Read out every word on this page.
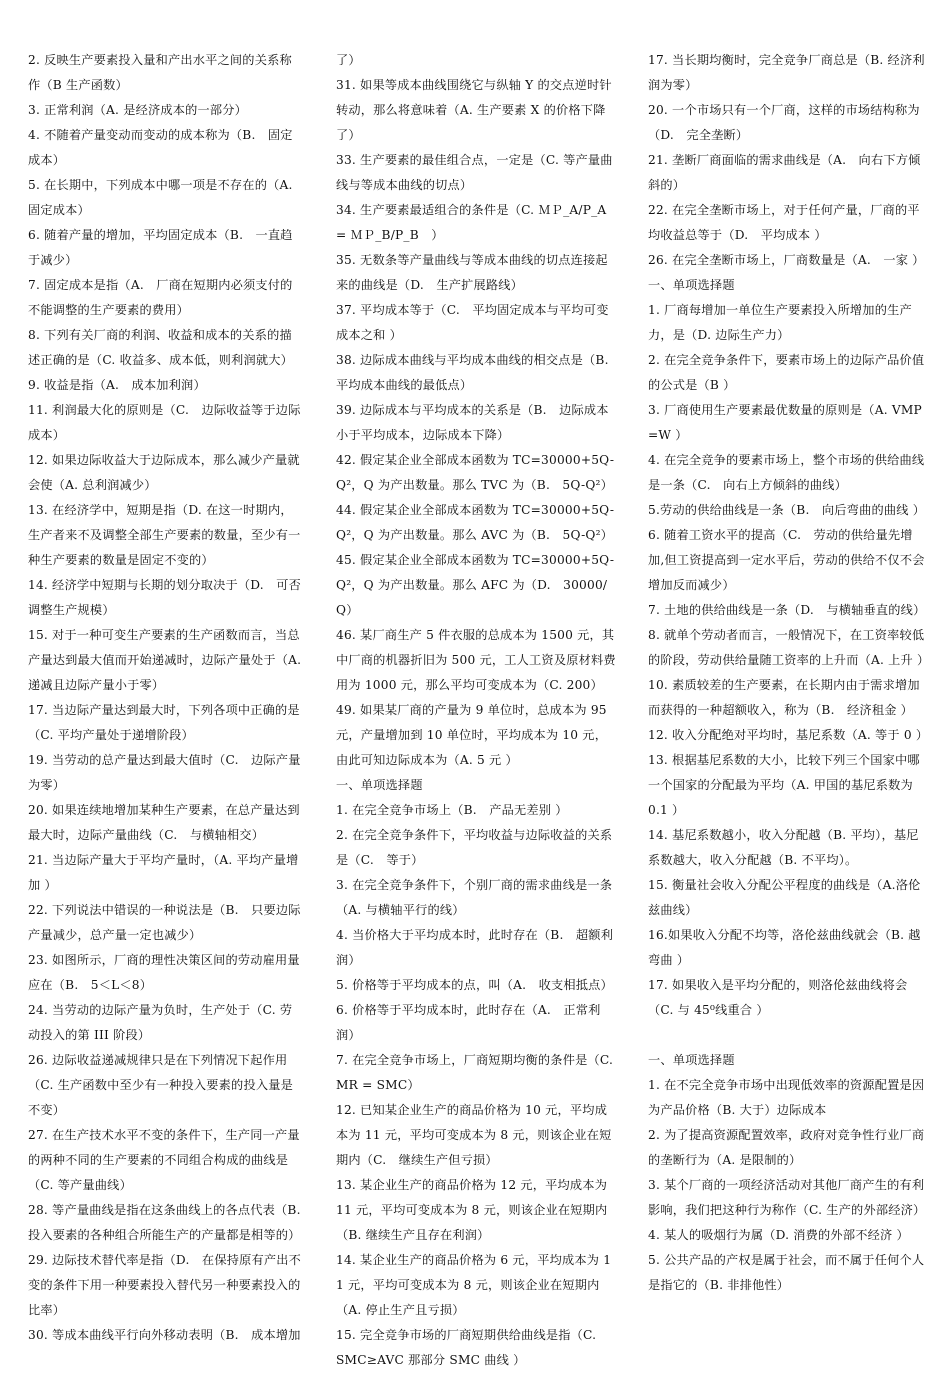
2. 反映生产要素投入量和产出水平之间的关系称作（B 生产函数）

3. 正常利润（A. 是经济成本的一部分）

4. 不随着产量变动而变动的成本称为（B.　固定成本）

5. 在长期中，下列成本中哪一项是不存在的（A. 固定成本）

6. 随着产量的增加，平均固定成本（B.　一直趋于减少）

7. 固定成本是指（A.　厂商在短期内必须支付的不能调整的生产要素的费用）

8. 下列有关厂商的利润、收益和成本的关系的描述正确的是（C. 收益多、成本低，则利润就大）

9. 收益是指（A.　成本加利润）

11. 利润最大化的原则是（C.　边际收益等于边际成本）

12. 如果边际收益大于边际成本，那么减少产量就会使（A. 总利润减少）

13. 在经济学中，短期是指（D. 在这一时期内，生产者来不及调整全部生产要素的数量，至少有一种生产要素的数量是固定不变的）

14. 经济学中短期与长期的划分取决于（D.　可否调整生产规模）

15. 对于一种可变生产要素的生产函数而言，当总产量达到最大值而开始递减时，边际产量处于（A. 递减且边际产量小于零）

17. 当边际产量达到最大时，下列各项中正确的是（C. 平均产量处于递增阶段）

19. 当劳动的总产量达到最大值时（C.　边际产量为零）

20. 如果连续地增加某种生产要素，在总产量达到最大时，边际产量曲线（C.　与横轴相交）

21. 当边际产量大于平均产量时，（A. 平均产量增加 ）

22. 下列说法中错误的一种说法是（B.　只要边际产量减少，总产量一定也减少）

23. 如图所示，厂商的理性决策区间的劳动雇用量应在（B.　5＜L＜8）

24. 当劳动的边际产量为负时，生产处于（C. 劳动投入的第 III 阶段）

26. 边际收益递减规律只是在下列情况下起作用（C. 生产函数中至少有一种投入要素的投入量是不变）

27. 在生产技术水平不变的条件下，生产同一产量的两种不同的生产要素的不同组合构成的曲线是（C. 等产量曲线）

28. 等产量曲线是指在这条曲线上的各点代表（B. 投入要素的各种组合所能生产的产量都是相等的）

29. 边际技术替代率是指（D.　在保持原有产出不变的条件下用一种要素投入替代另一种要素投入的比率）

30. 等成本曲线平行向外移动表明（B.　成本增加

了）

31. 如果等成本曲线围绕它与纵轴 Y 的交点逆时针转动，那么将意味着（A. 生产要素 X 的价格下降了）

33. 生产要素的最佳组合点，一定是（C. 等产量曲线与等成本曲线的切点）

34. 生产要素最适组合的条件是（C. ＭＰ_A/P_A = ＭＰ_B/P_B　）

35. 无数条等产量曲线与等成本曲线的切点连接起来的曲线是（D.　生产扩展路线）

37. 平均成本等于（C.　平均固定成本与平均可变成本之和 ）

38. 边际成本曲线与平均成本曲线的相交点是（B. 平均成本曲线的最低点）

39. 边际成本与平均成本的关系是（B.　边际成本小于平均成本，边际成本下降）

42. 假定某企业全部成本函数为 TC=30000+5Q-Q²，Q 为产出数量。那么 TVC 为（B.　5Q-Q²）

44. 假定某企业全部成本函数为 TC=30000+5Q-Q²，Q 为产出数量。那么 AVC 为（B.　5Q-Q²）

45. 假定某企业全部成本函数为 TC=30000+5Q-Q²，Q 为产出数量。那么 AFC 为（D.　30000/Q）

46. 某厂商生产 5 件衣服的总成本为 1500 元，其中厂商的机器折旧为 500 元，工人工资及原材料费用为 1000 元，那么平均可变成本为（C. 200）

49. 如果某厂商的产量为 9 单位时，总成本为 95 元，产量增加到 10 单位时，平均成本为 10 元，由此可知边际成本为（A. 5 元 ）

一、单项选择题

1. 在完全竞争市场上（B.　产品无差别 ）

2. 在完全竞争条件下，平均收益与边际收益的关系是（C.　等于）

3. 在完全竞争条件下，个别厂商的需求曲线是一条（A. 与横轴平行的线）

4. 当价格大于平均成本时，此时存在（B.　超额利润）

5. 价格等于平均成本的点，叫（A.　收支相抵点）

6. 价格等于平均成本时，此时存在（A.　正常利润）

7. 在完全竞争市场上，厂商短期均衡的条件是（C. MR = SMC）

12. 已知某企业生产的商品价格为 10 元，平均成本为 11 元，平均可变成本为 8 元，则该企业在短期内（C.　继续生产但亏损）

13. 某企业生产的商品价格为 12 元，平均成本为 11 元，平均可变成本为 8 元，则该企业在短期内（B. 继续生产且存在利润）

14. 某企业生产的商品价格为 6 元，平均成本为 11 元，平均可变成本为 8 元，则该企业在短期内（A. 停止生产且亏损）

15. 完全竞争市场的厂商短期供给曲线是指（C.　SMC≥AVC 那部分 SMC 曲线 ）

17. 当长期均衡时，完全竞争厂商总是（B. 经济利润为零）

20. 一个市场只有一个厂商，这样的市场结构称为（D.　完全垄断）

21. 垄断厂商面临的需求曲线是（A.　向右下方倾斜的）

22. 在完全垄断市场上，对于任何产量，厂商的平均收益总等于（D.　平均成本 ）

26. 在完全垄断市场上，厂商数量是（A.　一家 ）

一、单项选择题

1. 厂商每增加一单位生产要素投入所增加的生产力，是（D. 边际生产力）

2. 在完全竞争条件下，要素市场上的边际产品价值的公式是（B ）

3. 厂商使用生产要素最优数量的原则是（A. VMP=W ）

4. 在完全竞争的要素市场上，整个市场的供给曲线是一条（C.　向右上方倾斜的曲线）

5.劳动的供给曲线是一条（B.　向后弯曲的曲线 ）

6. 随着工资水平的提高（C.　劳动的供给量先增加,但工资提高到一定水平后，劳动的供给不仅不会增加反而减少）

7. 土地的供给曲线是一条（D.　与横轴垂直的线）

8. 就单个劳动者而言，一般情况下，在工资率较低的阶段，劳动供给量随工资率的上升而（A. 上升 ）

10. 素质较差的生产要素，在长期内由于需求增加而获得的一种超额收入，称为（B.　经济租金 ）

12. 收入分配绝对平均时，基尼系数（A. 等于 0 ）

13. 根据基尼系数的大小，比较下列三个国家中哪一个国家的分配最为平均（A. 甲国的基尼系数为 0.1 ）

14. 基尼系数越小，收入分配越（B. 平均），基尼系数越大，收入分配越（B. 不平均）。

15. 衡量社会收入分配公平程度的曲线是（A.洛伦兹曲线）

16.如果收入分配不均等，洛伦兹曲线就会（B. 越弯曲 ）

17. 如果收入是平均分配的，则洛伦兹曲线将会（C. 与 45⁰线重合 ）

一、单项选择题

1. 在不完全竞争市场中出现低效率的资源配置是因为产品价格（B. 大于）边际成本

2. 为了提高资源配置效率，政府对竞争性行业厂商的垄断行为（A. 是限制的）

3. 某个厂商的一项经济活动对其他厂商产生的有利影响，我们把这种行为称作（C. 生产的外部经济）

4. 某人的吸烟行为属（D. 消费的外部不经济 ）

5. 公共产品的产权是属于社会，而不属于任何个人是指它的（B. 非排他性）
